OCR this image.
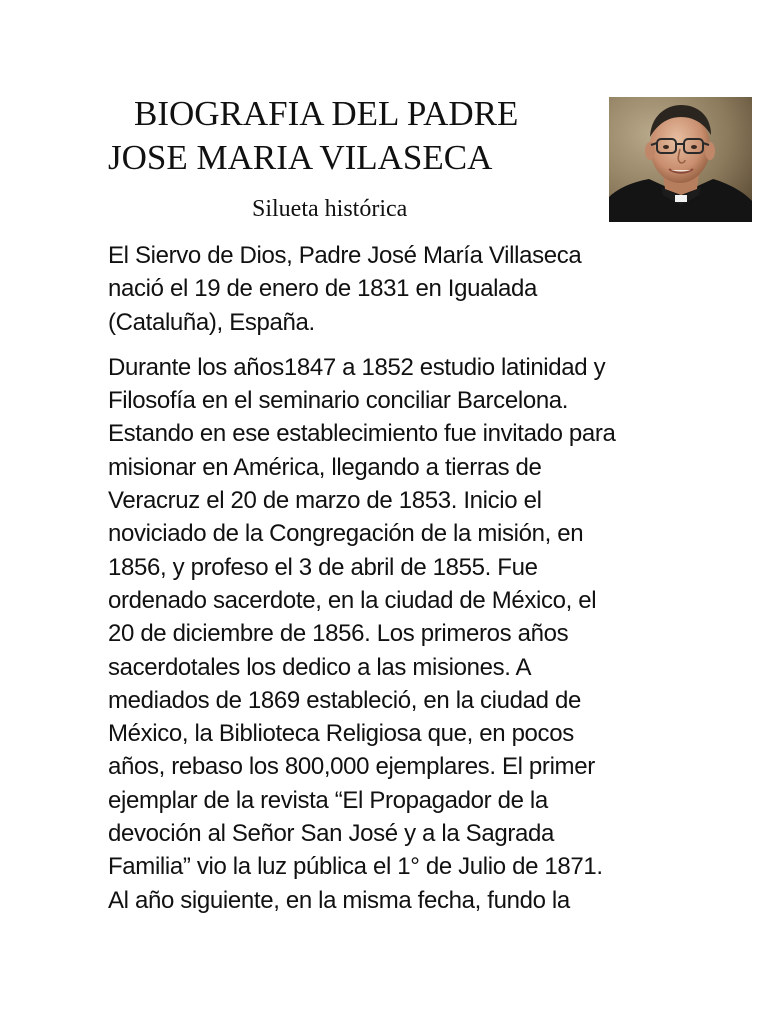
BIOGRAFIA DEL PADRE
JOSE MARIA VILASECA
Silueta histórica

El Siervo de Dios, Padre José María Villaseca
nació el 19 de enero de 1831 en Igualada
(Cataluña), España.

Durante los años1847 a 1852 estudio latinidad y
Filosofía en el seminario conciliar Barcelona.
Estando en ese establecimiento fue invitado para
misionar en América, llegando a tierras de
Veracruz el 20 de marzo de 1853. Inicio el
noviciado de la Congregación de la misión, en
1856, y profeso el 3 de abril de 1855. Fue
ordenado sacerdote, en la ciudad de México, el
20 de diciembre de 1856. Los primeros años
sacerdotales los dedico a las misiones. A
mediados de 1869 estableció, en la ciudad de
México, la Biblioteca Religiosa que, en pocos
años, rebaso los 800,000 ejemplares. El primer
ejemplar de la revista “El Propagador de la
devoción al Señor San José y a la Sagrada
Familia” vio la luz pública el 1° de Julio de 1871.
Al año siguiente, en la misma fecha, fundo la
